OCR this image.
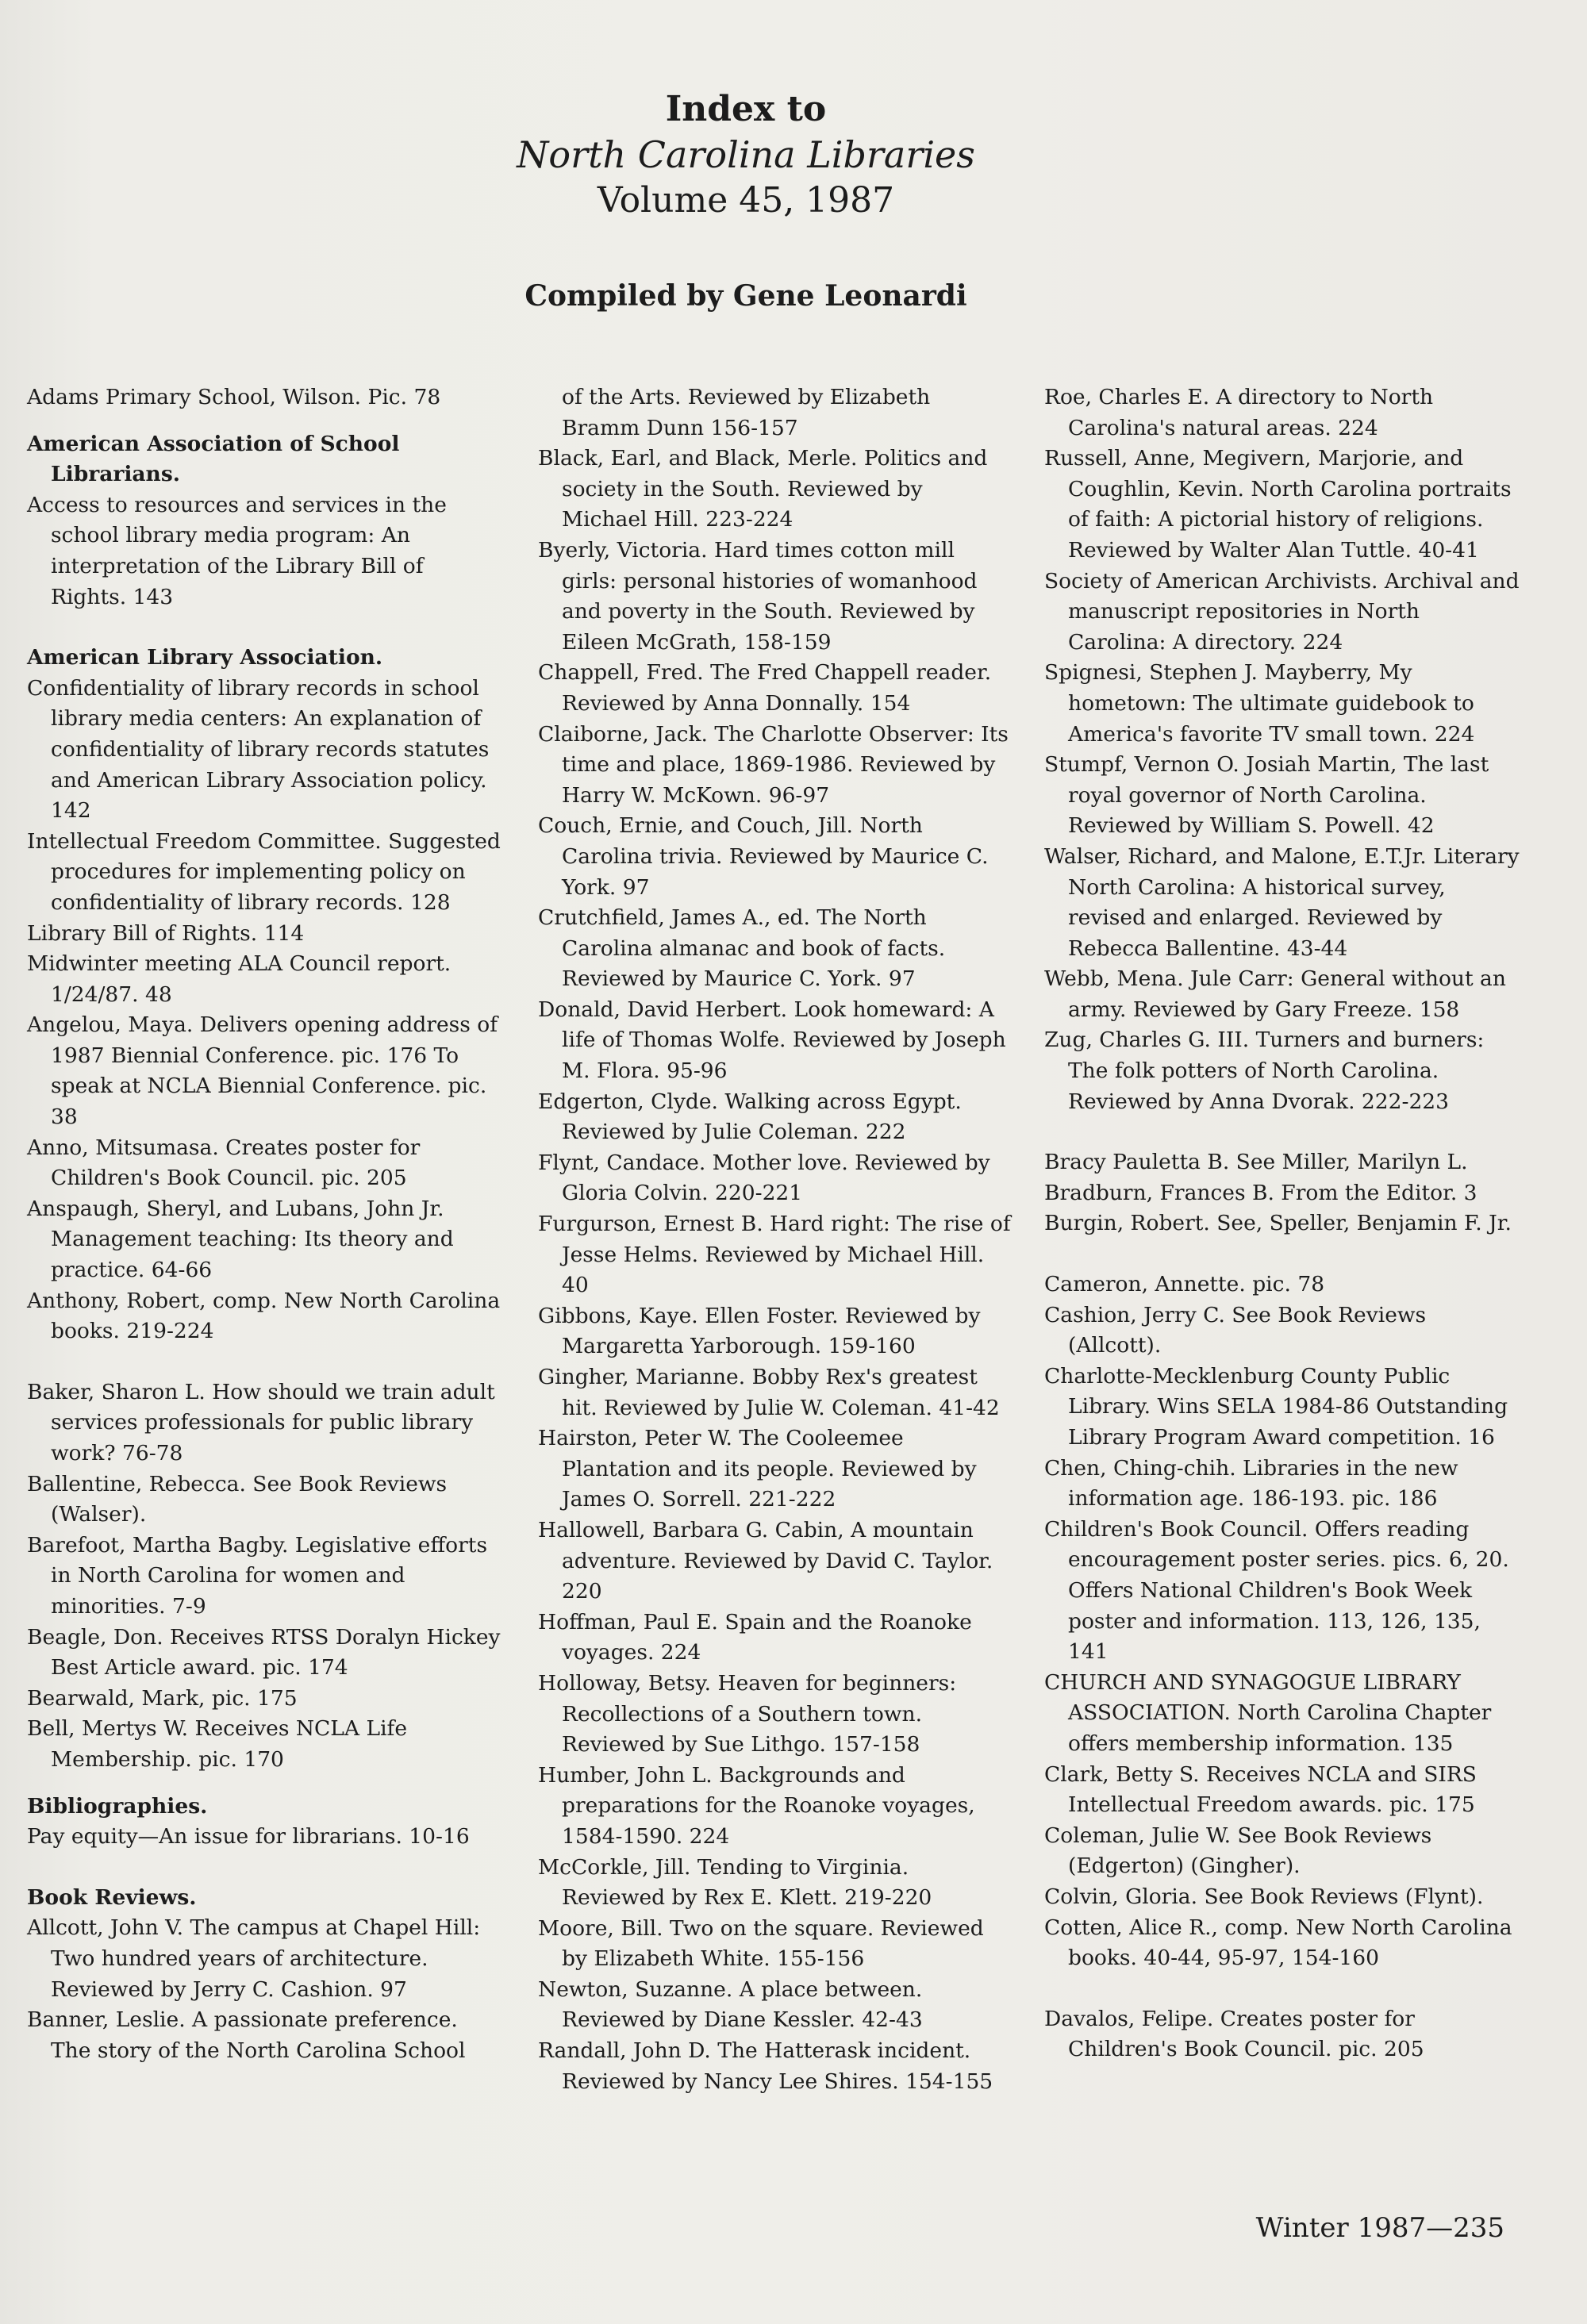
Index to
North Carolina Libraries
Volume 45, 1987
Compiled by Gene Leonardi

Adams Primary School, Wilson. Pic. 78

American Association of School Librarians.

Access to resources and services in the school library media program: An interpretation of the Library Bill of Rights. 143

American Library Association.

Confidentiality of library records in school library media centers: An explanation of confidentiality of library records statutes and American Library Association policy. 142

Intellectual Freedom Committee. Suggested procedures for implementing policy on confidentiality of library records. 128

Library Bill of Rights. 114

Midwinter meeting ALA Council report. 1/24/87. 48

Angelou, Maya. Delivers opening address of 1987 Biennial Conference. pic. 176 To speak at NCLA Biennial Conference. pic. 38

Anno, Mitsumasa. Creates poster for Children's Book Council. pic. 205

Anspaugh, Sheryl, and Lubans, John Jr. Management teaching: Its theory and practice. 64-66

Anthony, Robert, comp. New North Carolina books. 219-224

Baker, Sharon L. How should we train adult services professionals for public library work? 76-78

Ballentine, Rebecca. See Book Reviews (Walser).

Barefoot, Martha Bagby. Legislative efforts in North Carolina for women and minorities. 7-9

Beagle, Don. Receives RTSS Doralyn Hickey Best Article award. pic. 174

Bearwald, Mark, pic. 175

Bell, Mertys W. Receives NCLA Life Membership. pic. 170

Bibliographies.

Pay equity—An issue for librarians. 10-16

Book Reviews.

Allcott, John V. The campus at Chapel Hill: Two hundred years of architecture. Reviewed by Jerry C. Cashion. 97

Banner, Leslie. A passionate preference. The story of the North Carolina School

of the Arts. Reviewed by Elizabeth Bramm Dunn 156-157

Black, Earl, and Black, Merle. Politics and society in the South. Reviewed by Michael Hill. 223-224

Byerly, Victoria. Hard times cotton mill girls: personal histories of womanhood and poverty in the South. Reviewed by Eileen McGrath, 158-159

Chappell, Fred. The Fred Chappell reader. Reviewed by Anna Donnally. 154

Claiborne, Jack. The Charlotte Observer: Its time and place, 1869-1986. Reviewed by Harry W. McKown. 96-97

Couch, Ernie, and Couch, Jill. North Carolina trivia. Reviewed by Maurice C. York. 97

Crutchfield, James A., ed. The North Carolina almanac and book of facts. Reviewed by Maurice C. York. 97

Donald, David Herbert. Look homeward: A life of Thomas Wolfe. Reviewed by Joseph M. Flora. 95-96

Edgerton, Clyde. Walking across Egypt. Reviewed by Julie Coleman. 222

Flynt, Candace. Mother love. Reviewed by Gloria Colvin. 220-221

Furgurson, Ernest B. Hard right: The rise of Jesse Helms. Reviewed by Michael Hill. 40

Gibbons, Kaye. Ellen Foster. Reviewed by Margaretta Yarborough. 159-160

Gingher, Marianne. Bobby Rex's greatest hit. Reviewed by Julie W. Coleman. 41-42

Hairston, Peter W. The Cooleemee Plantation and its people. Reviewed by James O. Sorrell. 221-222

Hallowell, Barbara G. Cabin, A mountain adventure. Reviewed by David C. Taylor. 220

Hoffman, Paul E. Spain and the Roanoke voyages. 224

Holloway, Betsy. Heaven for beginners: Recollections of a Southern town. Reviewed by Sue Lithgo. 157-158

Humber, John L. Backgrounds and preparations for the Roanoke voyages, 1584-1590. 224

McCorkle, Jill. Tending to Virginia. Reviewed by Rex E. Klett. 219-220

Moore, Bill. Two on the square. Reviewed by Elizabeth White. 155-156

Newton, Suzanne. A place between. Reviewed by Diane Kessler. 42-43

Randall, John D. The Hatterask incident. Reviewed by Nancy Lee Shires. 154-155

Roe, Charles E. A directory to North Carolina's natural areas. 224

Russell, Anne, Megivern, Marjorie, and Coughlin, Kevin. North Carolina portraits of faith: A pictorial history of religions. Reviewed by Walter Alan Tuttle. 40-41

Society of American Archivists. Archival and manuscript repositories in North Carolina: A directory. 224

Spignesi, Stephen J. Mayberry, My hometown: The ultimate guidebook to America's favorite TV small town. 224

Stumpf, Vernon O. Josiah Martin, The last royal governor of North Carolina. Reviewed by William S. Powell. 42

Walser, Richard, and Malone, E.T.Jr. Literary North Carolina: A historical survey, revised and enlarged. Reviewed by Rebecca Ballentine. 43-44

Webb, Mena. Jule Carr: General without an army. Reviewed by Gary Freeze. 158

Zug, Charles G. III. Turners and burners: The folk potters of North Carolina. Reviewed by Anna Dvorak. 222-223

Bracy Pauletta B. See Miller, Marilyn L.

Bradburn, Frances B. From the Editor. 3

Burgin, Robert. See, Speller, Benjamin F. Jr.

Cameron, Annette. pic. 78

Cashion, Jerry C. See Book Reviews (Allcott).

Charlotte-Mecklenburg County Public Library. Wins SELA 1984-86 Outstanding Library Program Award competition. 16

Chen, Ching-chih. Libraries in the new information age. 186-193. pic. 186

Children's Book Council. Offers reading encouragement poster series. pics. 6, 20. Offers National Children's Book Week poster and information. 113, 126, 135, 141

CHURCH AND SYNAGOGUE LIBRARY ASSOCIATION. North Carolina Chapter offers membership information. 135

Clark, Betty S. Receives NCLA and SIRS Intellectual Freedom awards. pic. 175

Coleman, Julie W. See Book Reviews (Edgerton) (Gingher).

Colvin, Gloria. See Book Reviews (Flynt).

Cotten, Alice R., comp. New North Carolina books. 40-44, 95-97, 154-160

Davalos, Felipe. Creates poster for Children's Book Council. pic. 205

Winter 1987—235
